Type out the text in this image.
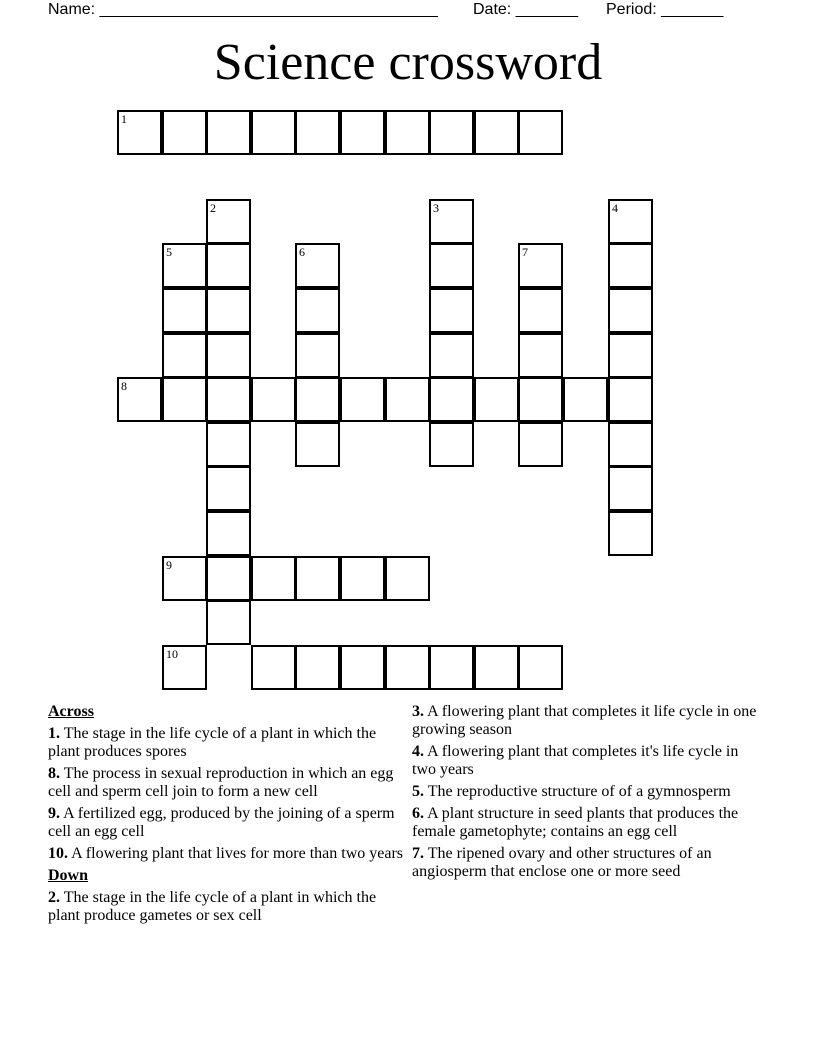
Name: ______________________________________ Date: _______ Period: _______
Science crossword
1
2	3	4
5	6	7
8
9
10
Across
1. The stage in the life cycle of a plant in which the plant produces spores
8. The process in sexual reproduction in which an egg cell and sperm cell join to form a new cell
9. A fertilized egg, produced by the joining of a sperm cell an egg cell
10. A flowering plant that lives for more than two years
Down
2. The stage in the life cycle of a plant in which the plant produce gametes or sex cell
3. A flowering plant that completes it life cycle in one growing season
4. A flowering plant that completes it's life cycle in two years
5. The reproductive structure of of a gymnosperm
6. A plant structure in seed plants that produces the female gametophyte; contains an egg cell
7. The ripened ovary and other structures of an angiosperm that enclose one or more seed
